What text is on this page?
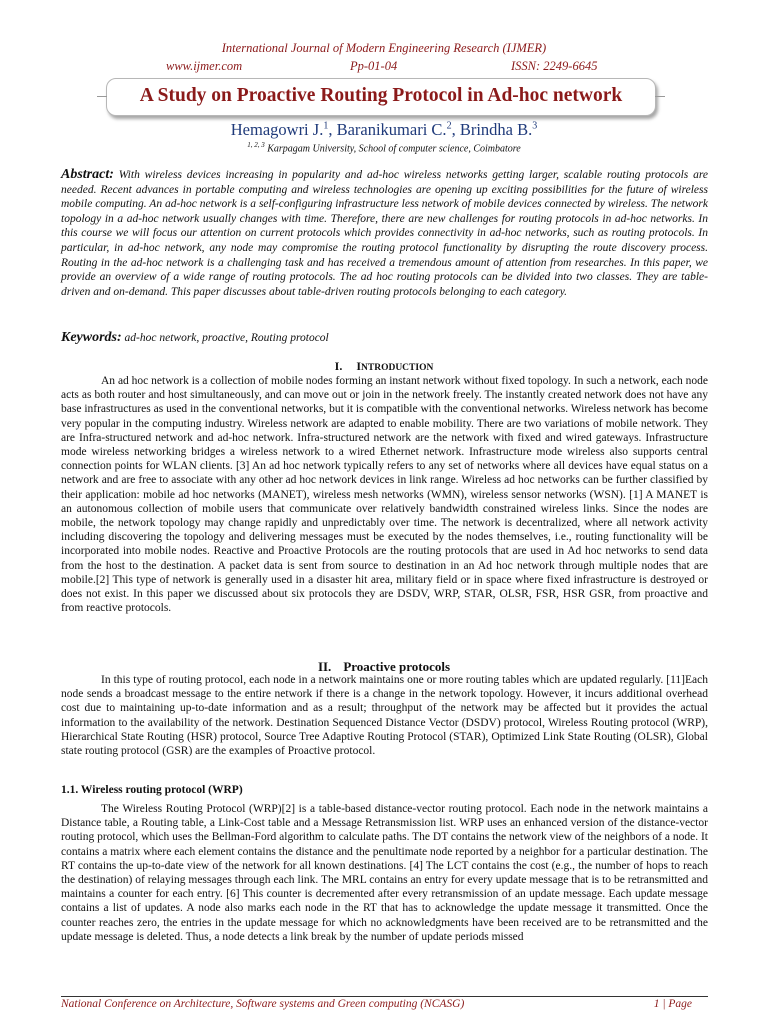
International Journal of Modern Engineering Research (IJMER)
www.ijmer.com	Pp-01-04	ISSN: 2249-6645
A Study on Proactive Routing Protocol in Ad-hoc network
Hemagowri J.$^1$, Baranikumari C.$^2$, Brindha B.$^3$
$^{1, 2, 3}$ Karpagam University, School of computer science, Coimbatore
Abstract: With wireless devices increasing in popularity and ad-hoc wireless networks getting larger, scalable routing protocols are needed. Recent advances in portable computing and wireless technologies are opening up exciting possibilities for the future of wireless mobile computing. An ad-hoc network is a self-configuring infrastructure less network of mobile devices connected by wireless. The network topology in a ad-hoc network usually changes with time. Therefore, there are new challenges for routing protocols in ad-hoc networks. In this course we will focus our attention on current protocols which provides connectivity in ad-hoc networks, such as routing protocols. In particular, in ad-hoc network, any node may compromise the routing protocol functionality by disrupting the route discovery process. Routing in the ad-hoc network is a challenging task and has received a tremendous amount of attention from researches. In this paper, we provide an overview of a wide range of routing protocols. The ad hoc routing protocols can be divided into two classes. They are table-driven and on-demand. This paper discusses about table-driven routing protocols belonging to each category.
Keywords: ad-hoc network, proactive, Routing protocol
I. INTRODUCTION

An ad hoc network is a collection of mobile nodes forming an instant network without fixed topology. In such a network, each node acts as both router and host simultaneously, and can move out or join in the network freely. The instantly created network does not have any base infrastructures as used in the conventional networks, but it is compatible with the conventional networks. Wireless network has become very popular in the computing industry. Wireless network are adapted to enable mobility. There are two variations of mobile network. They are Infra-structured network and ad-hoc network. Infra-structured network are the network with fixed and wired gateways. Infrastructure mode wireless networking bridges a wireless network to a wired Ethernet network. Infrastructure mode wireless also supports central connection points for WLAN clients. [3] An ad hoc network typically refers to any set of networks where all devices have equal status on a network and are free to associate with any other ad hoc network devices in link range. Wireless ad hoc networks can be further classified by their application: mobile ad hoc networks (MANET), wireless mesh networks (WMN), wireless sensor networks (WSN). [1] A MANET is an autonomous collection of mobile users that communicate over relatively bandwidth constrained wireless links. Since the nodes are mobile, the network topology may change rapidly and unpredictably over time. The network is decentralized, where all network activity including discovering the topology and delivering messages must be executed by the nodes themselves, i.e., routing functionality will be incorporated into mobile nodes. Reactive and Proactive Protocols are the routing protocols that are used in Ad hoc networks to send data from the host to the destination. A packet data is sent from source to destination in an Ad hoc network through multiple nodes that are mobile.[2] This type of network is generally used in a disaster hit area, military field or in space where fixed infrastructure is destroyed or does not exist. In this paper we discussed about six protocols they are DSDV, WRP, STAR, OLSR, FSR, HSR GSR, from proactive and from reactive protocols.

II. Proactive protocols

In this type of routing protocol, each node in a network maintains one or more routing tables which are updated regularly. [11]Each node sends a broadcast message to the entire network if there is a change in the network topology. However, it incurs additional overhead cost due to maintaining up-to-date information and as a result; throughput of the network may be affected but it provides the actual information to the availability of the network. Destination Sequenced Distance Vector (DSDV) protocol, Wireless Routing protocol (WRP), Hierarchical State Routing (HSR) protocol, Source Tree Adaptive Routing Protocol (STAR), Optimized Link State Routing (OLSR), Global state routing protocol (GSR) are the examples of Proactive protocol.

1.1. Wireless routing protocol (WRP)

The Wireless Routing Protocol (WRP)[2] is a table-based distance-vector routing protocol. Each node in the network maintains a Distance table, a Routing table, a Link-Cost table and a Message Retransmission list. WRP uses an enhanced version of the distance-vector routing protocol, which uses the Bellman-Ford algorithm to calculate paths. The DT contains the network view of the neighbors of a node. It contains a matrix where each element contains the distance and the penultimate node reported by a neighbor for a particular destination. The RT contains the up-to-date view of the network for all known destinations. [4] The LCT contains the cost (e.g., the number of hops to reach the destination) of relaying messages through each link. The MRL contains an entry for every update message that is to be retransmitted and maintains a counter for each entry. [6] This counter is decremented after every retransmission of an update message. Each update message contains a list of updates. A node also marks each node in the RT that has to acknowledge the update message it transmitted. Once the counter reaches zero, the entries in the update message for which no acknowledgments have been received are to be retransmitted and the update message is deleted. Thus, a node detects a link break by the number of update periods missed

National Conference on Architecture, Software systems and Green computing (NCASG)	1 | Page
